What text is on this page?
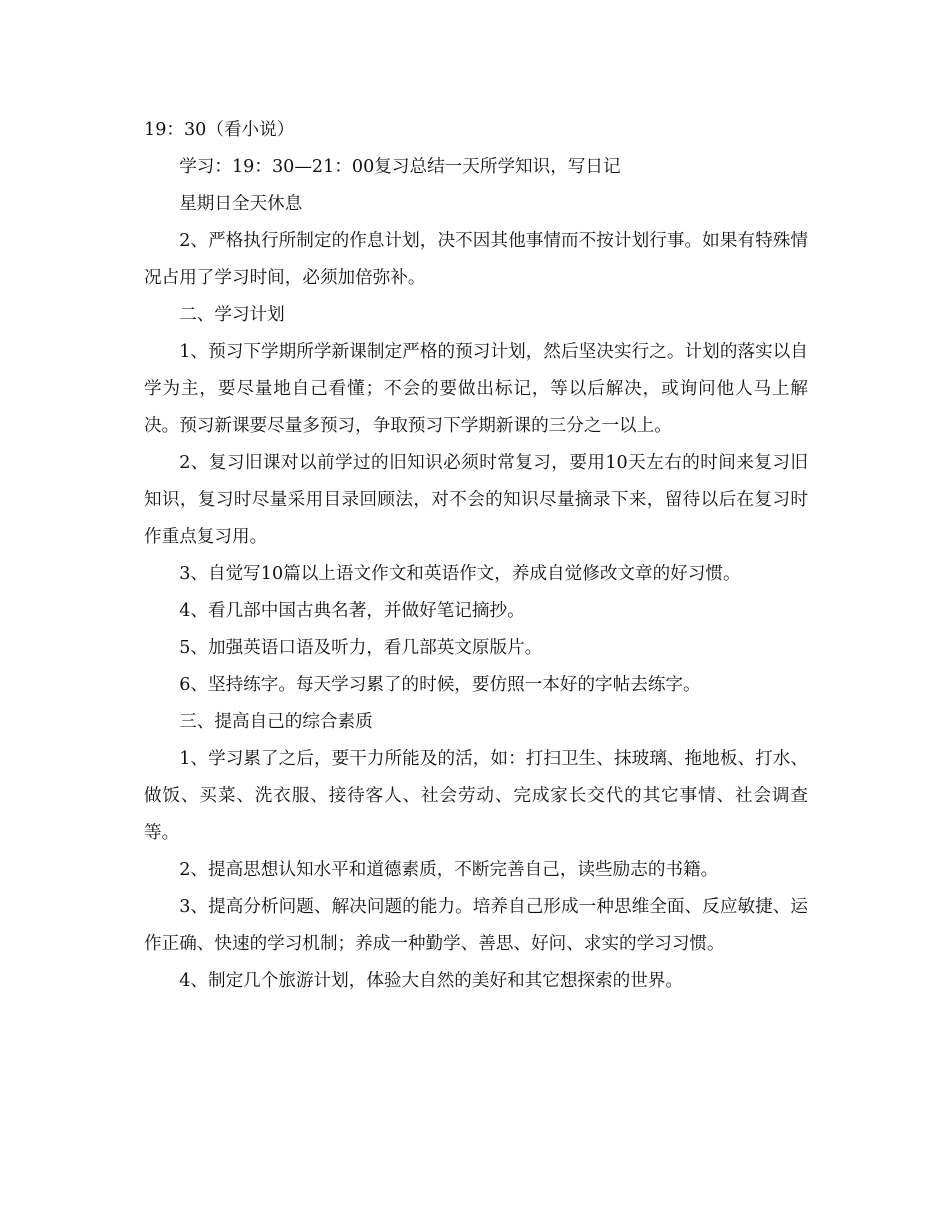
19：30（看小说）

学习：19：30—21：00复习总结一天所学知识，写日记

星期日全天休息

2、严格执行所制定的作息计划，决不因其他事情而不按计划行事。如果有特殊情况占用了学习时间，必须加倍弥补。

二、学习计划

1、预习下学期所学新课制定严格的预习计划，然后坚决实行之。计划的落实以自学为主，要尽量地自己看懂；不会的要做出标记，等以后解决，或询问他人马上解决。预习新课要尽量多预习，争取预习下学期新课的三分之一以上。

2、复习旧课对以前学过的旧知识必须时常复习，要用10天左右的时间来复习旧知识，复习时尽量采用目录回顾法，对不会的知识尽量摘录下来，留待以后在复习时作重点复习用。

3、自觉写10篇以上语文作文和英语作文，养成自觉修改文章的好习惯。

4、看几部中国古典名著，并做好笔记摘抄。

5、加强英语口语及听力，看几部英文原版片。

6、坚持练字。每天学习累了的时候，要仿照一本好的字帖去练字。

三、提高自己的综合素质

1、学习累了之后，要干力所能及的活，如：打扫卫生、抹玻璃、拖地板、打水、做饭、买菜、洗衣服、接待客人、社会劳动、完成家长交代的其它事情、社会调查等。

2、提高思想认知水平和道德素质，不断完善自己，读些励志的书籍。

3、提高分析问题、解决问题的能力。培养自己形成一种思维全面、反应敏捷、运作正确、快速的学习机制；养成一种勤学、善思、好问、求实的学习习惯。

4、制定几个旅游计划，体验大自然的美好和其它想探索的世界。
